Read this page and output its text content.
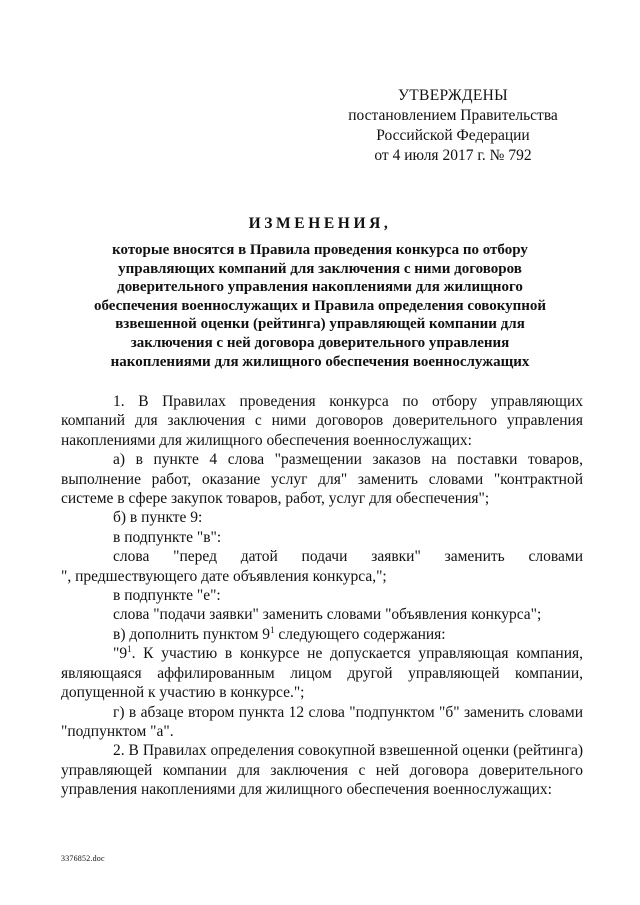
УТВЕРЖДЕНЫ
постановлением Правительства
Российской Федерации
от 4 июля 2017 г. № 792
ИЗМЕНЕНИЯ,
которые вносятся в Правила проведения конкурса по отбору
управляющих компаний для заключения с ними договоров
доверительного управления накоплениями для жилищного
обеспечения военнослужащих и Правила определения совокупной
взвешенной оценки (рейтинга) управляющей компании для
заключения с ней договора доверительного управления
накоплениями для жилищного обеспечения военнослужащих

1. В Правилах проведения конкурса по отбору управляющих компаний для заключения с ними договоров доверительного управления накоплениями для жилищного обеспечения военнослужащих:

а) в пункте 4 слова "размещении заказов на поставки товаров, выполнение работ, оказание услуг для" заменить словами "контрактной системе в сфере закупок товаров, работ, услуг для обеспечения";

б) в пункте 9:

в подпункте "в":

слова "перед датой подачи заявки" заменить словами

", предшествующего дате объявления конкурса,";

в подпункте "е":

слова "подачи заявки" заменить словами "объявления конкурса";

в) дополнить пунктом $9^1$ следующего содержания:

"$9^1$. К участию в конкурсе не допускается управляющая компания, являющаяся аффилированным лицом другой управляющей компании, допущенной к участию в конкурсе.";

г) в абзаце втором пункта 12 слова "подпунктом "б" заменить словами "подпунктом "а".

2. В Правилах определения совокупной взвешенной оценки (рейтинга) управляющей компании для заключения с ней договора доверительного управления накоплениями для жилищного обеспечения военнослужащих:

3376852.doc
